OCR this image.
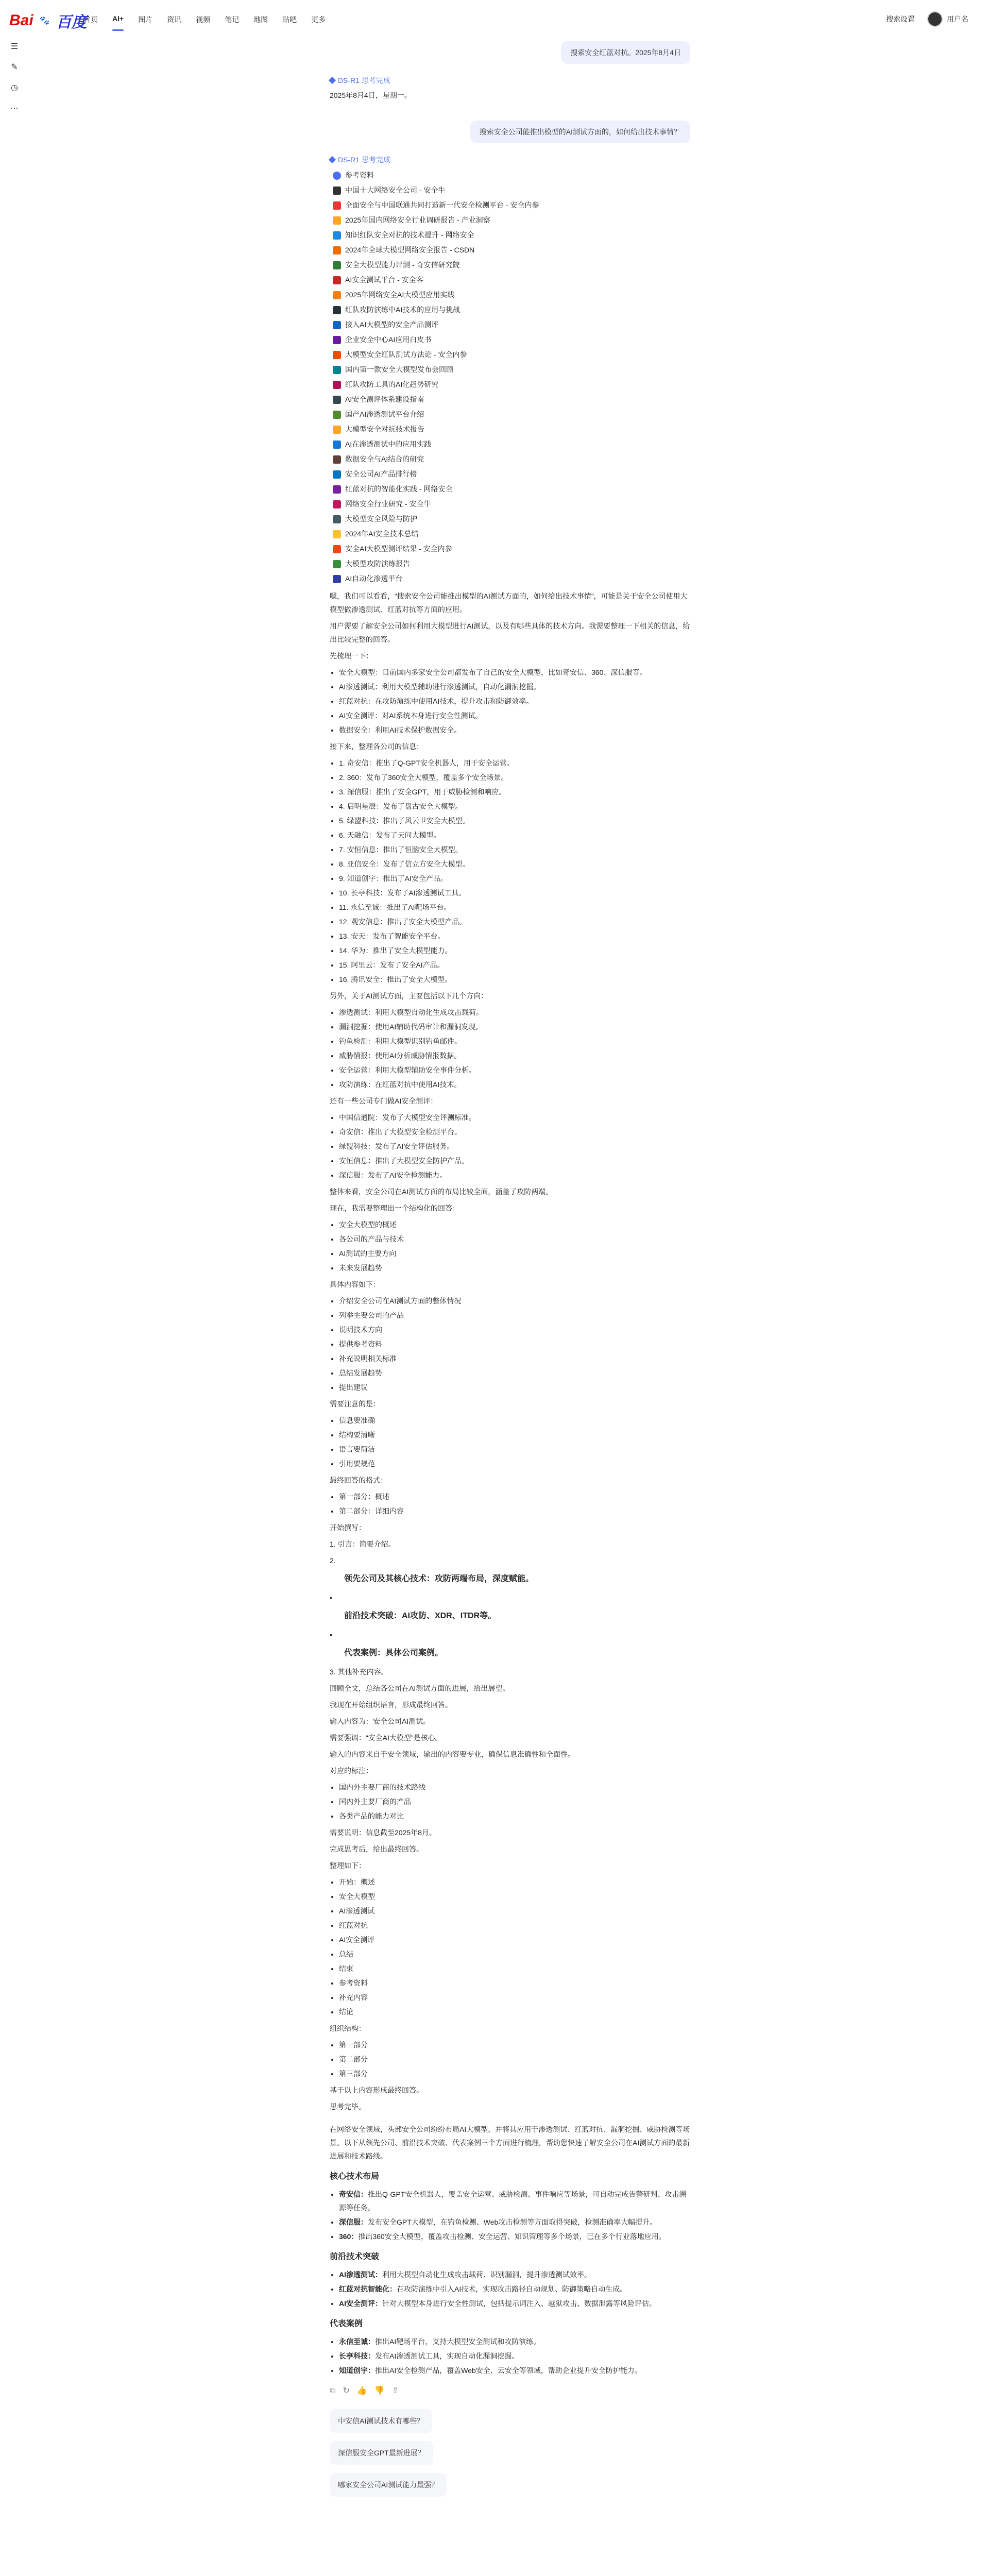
Bai 🐾 百度
首页	AI+	图片	资讯	视频	笔记	地图	贴吧	更多	搜索设置	用户名
☰
✎
◷
⋯
搜索安全红蓝对抗。2025年8月4日
DS-R1 思考完成

2025年8月4日，星期一。

搜索安全公司能推出模型的AI测试方面的，如何给出技术事情？
DS-R1 思考完成
参考资料
中国十大网络安全公司 - 安全牛
全面安全与中国联通共同打造新一代安全检测平台 - 安全内参
2025年国内网络安全行业调研报告 - 产业洞察
知识红队安全对抗的技术提升 - 网络安全
2024年全球大模型网络安全报告 - CSDN
安全大模型能力评测 - 奇安信研究院
AI安全测试平台 - 安全客
2025年网络安全AI大模型应用实践
红队攻防演练中AI技术的应用与挑战
接入AI大模型的安全产品测评
企业安全中心AI应用白皮书
大模型安全红队测试方法论 - 安全内参
国内第一款安全大模型发布会回顾
红队攻防工具的AI化趋势研究
AI安全测评体系建设指南
国产AI渗透测试平台介绍
大模型安全对抗技术报告
AI在渗透测试中的应用实践
数据安全与AI结合的研究
安全公司AI产品排行榜
红蓝对抗的智能化实践 - 网络安全
网络安全行业研究 - 安全牛
大模型安全风险与防护
2024年AI安全技术总结
安全AI大模型测评结果 - 安全内参
大模型攻防演练报告
AI自动化渗透平台

嗯，我们可以看看，“搜索安全公司能推出模型的AI测试方面的，如何给出技术事情”，可能是关于安全公司使用大模型做渗透测试、红蓝对抗等方面的应用。

用户需要了解安全公司如何利用大模型进行AI测试，以及有哪些具体的技术方向。我需要整理一下相关的信息，给出比较完整的回答。

先梳理一下：

• 安全大模型：目前国内多家安全公司都发布了自己的安全大模型，比如奇安信、360、深信服等。
• AI渗透测试：利用大模型辅助进行渗透测试，自动化漏洞挖掘。
• 红蓝对抗：在攻防演练中使用AI技术，提升攻击和防御效率。
• AI安全测评：对AI系统本身进行安全性测试。
• 数据安全：利用AI技术保护数据安全。

接下来，整理各公司的信息：

• 1. 奇安信：推出了Q-GPT安全机器人，用于安全运营。
• 2. 360：发布了360安全大模型，覆盖多个安全场景。
• 3. 深信服：推出了安全GPT，用于威胁检测和响应。
• 4. 启明星辰：发布了盘古安全大模型。
• 5. 绿盟科技：推出了风云卫安全大模型。
• 6. 天融信：发布了天问大模型。
• 7. 安恒信息：推出了恒脑安全大模型。
• 8. 亚信安全：发布了信立方安全大模型。
• 9. 知道创宇：推出了AI安全产品。
• 10. 长亭科技：发布了AI渗透测试工具。
• 11. 永信至诚：推出了AI靶场平台。
• 12. 观安信息：推出了安全大模型产品。
• 13. 安天：发布了智能安全平台。
• 14. 华为：推出了安全大模型能力。
• 15. 阿里云：发布了安全AI产品。
• 16. 腾讯安全：推出了安全大模型。

另外，关于AI测试方面，主要包括以下几个方向：

• 渗透测试：利用大模型自动化生成攻击载荷。
• 漏洞挖掘：使用AI辅助代码审计和漏洞发现。
• 钓鱼检测：利用大模型识别钓鱼邮件。
• 威胁情报：使用AI分析威胁情报数据。
• 安全运营：利用大模型辅助安全事件分析。
• 攻防演练：在红蓝对抗中使用AI技术。

还有一些公司专门做AI安全测评：

• 中国信通院：发布了大模型安全评测标准。
• 奇安信：推出了大模型安全检测平台。
• 绿盟科技：发布了AI安全评估服务。
• 安恒信息：推出了大模型安全防护产品。
• 深信服：发布了AI安全检测能力。

整体来看，安全公司在AI测试方面的布局比较全面，涵盖了攻防两端。

现在，我需要整理出一个结构化的回答：

• 安全大模型的概述
• 各公司的产品与技术
• AI测试的主要方向
• 未来发展趋势

具体内容如下：

• 介绍安全公司在AI测试方面的整体情况
• 列举主要公司的产品
• 说明技术方向
• 提供参考资料
• 补充说明相关标准
• 总结发展趋势
• 提出建议

需要注意的是：

• 信息要准确
• 结构要清晰
• 语言要简洁
• 引用要规范

最终回答的格式：

• 第一部分：概述
• 第二部分：详细内容

开始撰写：

1. 引言：简要介绍。

2.
领先公司及其核心技术：攻防两端布局，深度赋能。
•
前沿技术突破：AI攻防、XDR、ITDR等。
•
代表案例：具体公司案例。

3. 其他补充内容。

回顾全文，总结各公司在AI测试方面的进展，给出展望。

我现在开始组织语言，形成最终回答。

输入内容为：安全公司AI测试。

需要强调：“安全AI大模型”是核心。

输入的内容来自于安全领域，输出的内容要专业，确保信息准确性和全面性。

对应的标注：

• 国内外主要厂商的技术路线
• 国内外主要厂商的产品
• 各类产品的能力对比

需要说明：信息截至2025年8月。

完成思考后，给出最终回答。

整理如下：

• 开始：概述
• 安全大模型
• AI渗透测试
• 红蓝对抗
• AI安全测评
• 总结
• 结束
• 参考资料
• 补充内容
• 结论

组织结构：

• 第一部分
• 第二部分
• 第三部分

基于以上内容形成最终回答。

思考完毕。

在网络安全领域，头部安全公司纷纷布局AI大模型，并将其应用于渗透测试、红蓝对抗、漏洞挖掘、威胁检测等场景。以下从领先公司、前沿技术突破、代表案例三个方面进行梳理，帮助您快速了解安全公司在AI测试方面的最新进展和技术路线。

核心技术布局
• 奇安信：推出Q-GPT安全机器人，覆盖安全运营、威胁检测、事件响应等场景，可自动完成告警研判、攻击溯源等任务。
• 深信服：发布安全GPT大模型，在钓鱼检测、Web攻击检测等方面取得突破，检测准确率大幅提升。
• 360：推出360安全大模型，覆盖攻击检测、安全运营、知识管理等多个场景，已在多个行业落地应用。
前沿技术突破
• AI渗透测试：利用大模型自动化生成攻击载荷、识别漏洞，提升渗透测试效率。
• 红蓝对抗智能化：在攻防演练中引入AI技术，实现攻击路径自动规划、防御策略自动生成。
• AI安全测评：针对大模型本身进行安全性测试，包括提示词注入、越狱攻击、数据泄露等风险评估。
代表案例
• 永信至诚：推出AI靶场平台，支持大模型安全测试和攻防演练。
• 长亭科技：发布AI渗透测试工具，实现自动化漏洞挖掘。
• 知道创宇：推出AI安全检测产品，覆盖Web安全、云安全等领域，帮助企业提升安全防护能力。
⧉ ↻ 👍 👎 ⇪
中安信AI测试技术有哪些？
深信服安全GPT最新进展？
哪家安全公司AI测试能力最强？
